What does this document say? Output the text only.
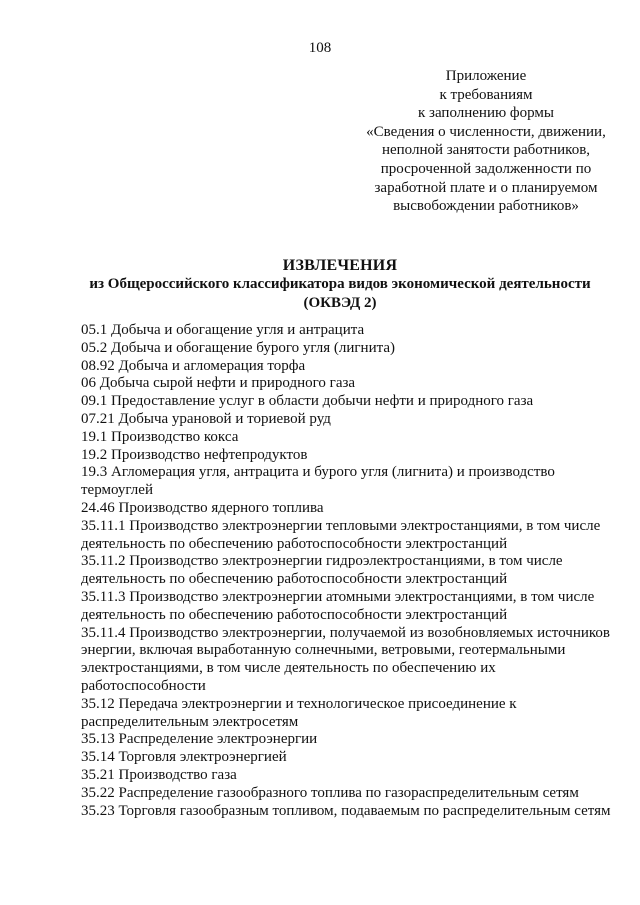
108
Приложение
к требованиям
к заполнению формы
«Сведения о численности, движении,
неполной занятости работников,
просроченной задолженности по
заработной плате и о планируемом
высвобождении работников»
ИЗВЛЕЧЕНИЯ
из Общероссийского классификатора видов экономической деятельности
(ОКВЭД 2)

05.1 Добыча и обогащение угля и антрацита

05.2 Добыча и обогащение бурого угля (лигнита)

08.92 Добыча и агломерация торфа

06 Добыча сырой нефти и природного газа

09.1 Предоставление услуг в области добычи нефти и природного газа

07.21 Добыча урановой и ториевой руд

19.1 Производство кокса

19.2 Производство нефтепродуктов

19.3 Агломерация угля, антрацита и бурого угля (лигнита) и производство термоуглей

24.46 Производство ядерного топлива

35.11.1 Производство электроэнергии тепловыми электростанциями, в том числе деятельность по обеспечению работоспособности электростанций

35.11.2 Производство электроэнергии гидроэлектростанциями, в том числе деятельность по обеспечению работоспособности электростанций

35.11.3 Производство электроэнергии атомными электростанциями, в том числе деятельность по обеспечению работоспособности электростанций

35.11.4 Производство электроэнергии, получаемой из возобновляемых источников энергии, включая выработанную солнечными, ветровыми, геотермальными электростанциями, в том числе деятельность по обеспечению их работоспособности

35.12 Передача электроэнергии и технологическое присоединение к распределительным электросетям

35.13 Распределение электроэнергии

35.14 Торговля электроэнергией

35.21 Производство газа

35.22 Распределение газообразного топлива по газораспределительным сетям

35.23 Торговля газообразным топливом, подаваемым по распределительным сетям
